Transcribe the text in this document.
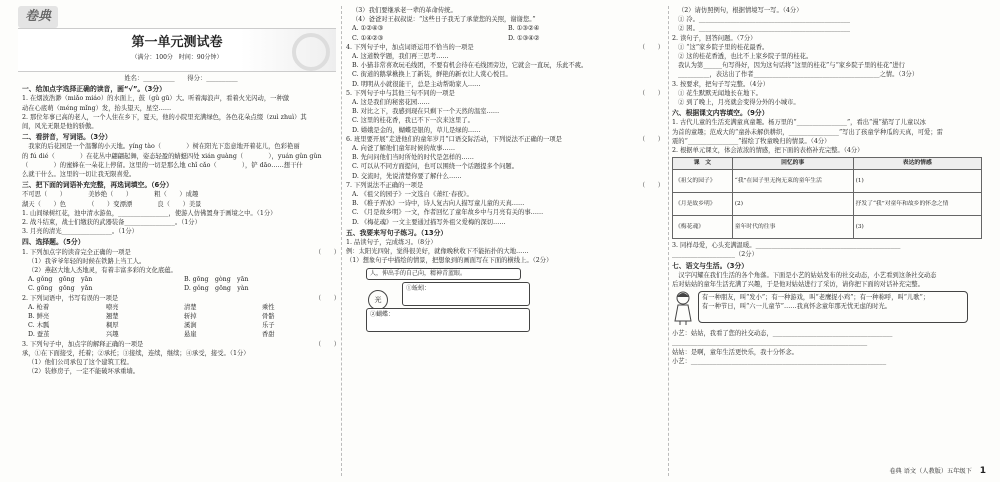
卷典
第一单元测试卷
（满分：100分　时间：90分钟）
姓名：__________　　得分：__________
一、给加点字选择正确的读音，画“√”。（3分）
1. 在烟波浩渺（miǎo miáo）的水面上，鼓（gǔ gū）大。听着海浪声，看着火光闪动，一种激
动在心底萌（méng mǐng）发，抬头望天，星空……
2. 那位年事已高的老人，一个人住在乡下，夏天，他的小院里充满绿色，各色花朵点缀（zuì zhuì）其
间，风光无限是他的骄傲。
二、看拼音，写词语。（3分）
　我家的后花园是一个温馨的小天地。yíng tào（　　　　）树在阳光下恣意地开着花儿，色彩艳丽
的 fú dié（　　　　）在花丛中翩翩起舞，姿态轻盈的蜻蜓四处 xián guàng（　　　　），yuán gǔn gǔn
（　　　　）的蜜蜂在一朵花上停留。这里的一切是那么地 chǐ cǎo（　　　　），铲 dāo……想干什
么就干什么。这里的一切让我无限喜爱。
三、把下面的词语补充完整，再选词填空。（6分）
不可思（　　）　　　　美妙绝（　　）　　　　粗（　　）成趣
湖天（　　）色　　　　（　　）变漂漂　　　　良（　　）美景
1. 山间绿树红花，池中清水游鱼，________________，使游人仿佛置身于画境之中。（1分）
2. 战斗结束，战士们缴获的武器装备________________。（1分）
3. 月亮的清光________________。（1分）
四、选择题。（5分）
（　　）
1. 下列加点字的读音完全正确的一项是
（1）我爷爷年轻的时候在铁路上当工人。
（2）燕赵大地人杰地灵，有着丰富多彩的文化底蕴。
A. gǒng　gōng　yān	B. gōng　gòng　yān
C. gōng　gōng　yǎn	D. gǒng　gōng　yàn
（　　）
2. 下列词语中，书写有误的一项是
A. 枪着	嘹亮	清楚	乘性
B. 鲜亮	翘楚	斩掉	骨骼
C. 木瓢	稠厚	溪涧	乐子
D. 蚕茧	兴趣	悬崖	香甜
（　　）
3. 下列句子中，加点字的解释正确的一项是
承，①在下面接受，托着；②承托；③接续，连续，继续；④承受，接受。（1分）
（1）他们公司承包了这个建筑工程。
（2）装修房子，一定不能破坏承重墙。
（3）我们要继承老一辈的革命传统。
（4）爸爸对王叔叔说：“这些日子我无了承蒙您的关照，谢谢您。”
A. ①②④③	B. ①③②④
C. ①④②③	D. ①③④②
（　　）
4. 下列句子中，加点词语运用不恰当的一项是
A. 这道数学题，我们再三思考……
B. 小猫非常喜欢玩毛线团，不要有机会待在毛线团旁边，它就会一直玩，乐此不疲。
C. 街道的鹅掌楸换上了新装，鲜艳的新衣让人赏心悦目。
D. 明明从小就很能干，总是主动帮助家人……
（　　）
5. 下列句子中与其他三句不同的一项是
A. 这是我们的秘密花园……
B. 对比之下，我感到现在只剩下一个天然的温室……
C. 这里的桂花香，我已不下一次来这里了。
D. 嫦娥是金的，蝴蝶是银的，草儿是绿的……
（　　）
6. 班里要开展“走进他们的童年岁月”口语交际活动，下列说法不正确的一项是
A. 向爸了解他们童年时候的故事……
B. 先问问他们当时所处的时代是怎样的……
C. 可以从不同方面提问，也可以围绕一个话题提多个问题。
D. 交流时，先说清楚你要了解什么……
（　　）
7. 下列说法不正确的一项是
A. 《祖父的园子》一文选自《萧红·春夜》。
B. 《稚子弄冰》一诗中，诗人复古向人描写童儿童的天真……
C. 《月是故乡明》一文，作者回忆了童年故乡中与月亮有关的事……
D. 《梅花魂》一文主要通过描写外祖父爱梅的深切……
五、我要来写句子练习。（13分）
1. 品读句子，完成练习。（8分）
例：太阳光四射，觉得很美好，就像晚秋收下不能拓扑的大地……
（1）想象句子中描绘的情景，把想象到的画面写在下面的横线上。（2分）
人，伸出手的自己向，精神青蓝眼。
光
①蚯蚓：
②蝴蝶：
（2）请仿照例句，根据情境写一写。（4分）
① 冷。________________________________________________
② 困。________________________________________________
2. 读句子，回答问题。（7分）
① “这”家乡院子里的桂花最香。
② 这的桂花香透，也比不上家乡院子里的桂花。
我认为第______句写得好，因为这句话将“这里的桂花”与“家乡院子里的桂花”进行
__________，表达出了作者________________________________________之情。（3分）
3. 按要求，把句子写完整。（4分）
① 花生默默无闻地长在地下。
② 到了晚上，月亮就会变得分外的小城市。
六、根据课文内容填空。（9分）
1. 古代儿童的生活充满童真童趣。杨万里的“________________”，看出“漫”描写了儿童以冰
为首的童趣；范成大的“童孙未解供耕织，________________”写出了孩童学种瓜的天真，可爱；雷
震的“________________”描绘了牧童晚归的情景。（4分）
2. 根据单元课文，体会浓浓的情感，把下面的表格补充完整。（4分）
课　文	回忆的事	表达的情感
《祖父的园子》	“我”在园子里无拘无束的童年生活	(1)
《月是故乡明》	(2)	抒发了“我”对童年和故乡的怀念之情
《梅花魂》	童年时代的往事	(3)
3. 同样母爱，心头充满温暖。______________________________________________
____________________（2分）
七、语文与生活。（3分）
　汉字闪耀在我们生活的各个角落。下面是小艺的姑姑发布的社交动态，小艺看到这条社交动态
后对姑姑的童年生活充满了兴趣，于是他对姑姑进行了采访，请你把下面的对话补充完整。
有一种朋友，叫“发小”；有一种游戏，叫“老鹰捉小鸡”；有一种称呼，叫“儿歌”；
有一种节日，叫“六一儿童节”……我真怀念童年那无忧无虑的时光。
小艺：姑姑，我看了您的社交动态，______________________________________
______________________________________________________________
姑姑：是啊，童年生活更快乐，我十分怀念。
小艺：______________________________________________________________
卷典 语文（人教版）五年级下 1
